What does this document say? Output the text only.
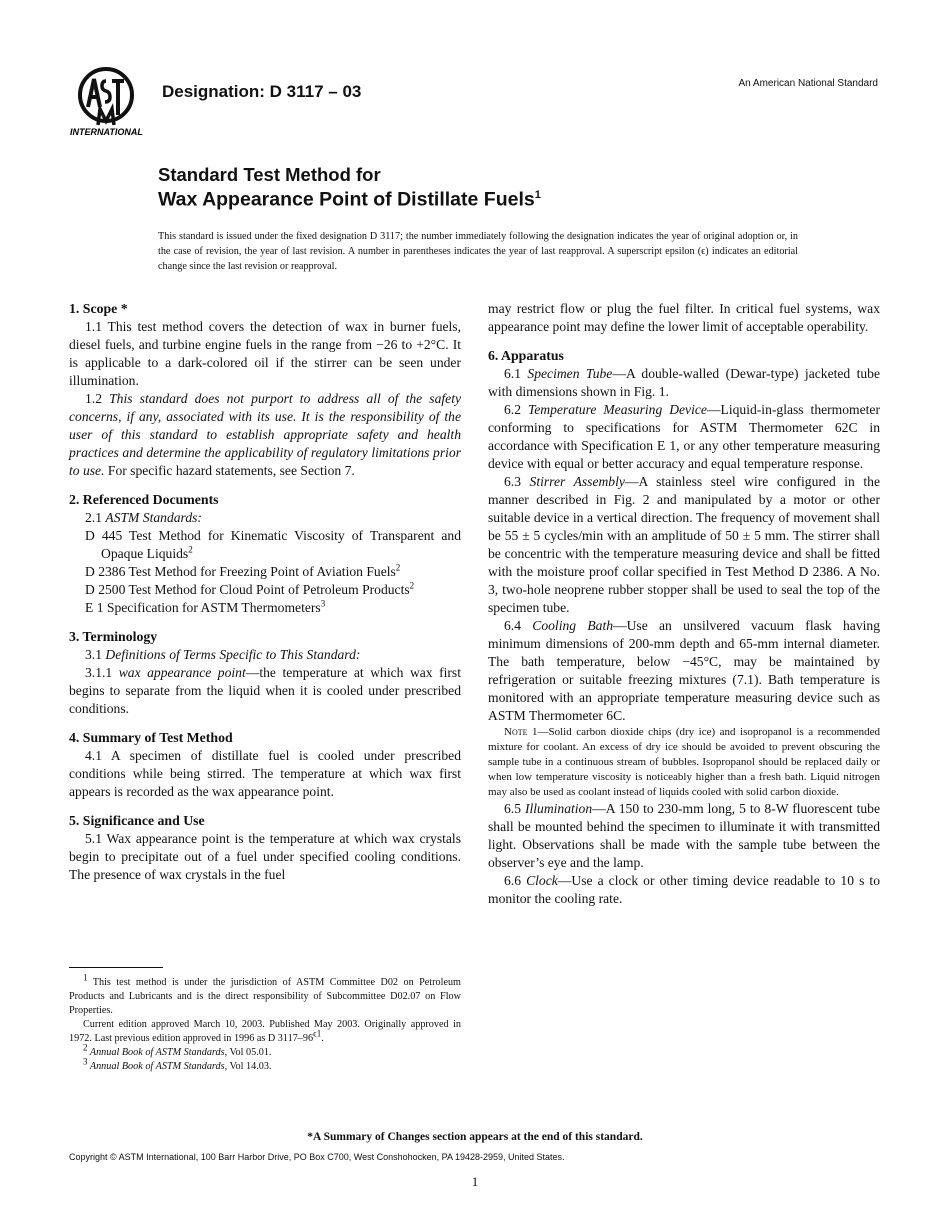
INTERNATIONAL
Designation: D 3117 – 03	An American National Standard
Standard Test Method for
Wax Appearance Point of Distillate Fuels$^1$
This standard is issued under the fixed designation D 3117; the number immediately following the designation indicates the year of original adoption or, in the case of revision, the year of last revision. A number in parentheses indicates the year of last reapproval. A superscript epsilon (ϵ) indicates an editorial change since the last revision or reapproval.
1. Scope *

1.1 This test method covers the detection of wax in burner fuels, diesel fuels, and turbine engine fuels in the range from −26 to +2°C. It is applicable to a dark-colored oil if the stirrer can be seen under illumination.

1.2 This standard does not purport to address all of the safety concerns, if any, associated with its use. It is the responsibility of the user of this standard to establish appropriate safety and health practices and determine the applicability of regulatory limitations prior to use. For specific hazard statements, see Section 7.

2. Referenced Documents

2.1 ASTM Standards:

D 445 Test Method for Kinematic Viscosity of Transparent and Opaque Liquids$^2$

D 2386 Test Method for Freezing Point of Aviation Fuels$^2$

D 2500 Test Method for Cloud Point of Petroleum Products$^2$

E 1 Specification for ASTM Thermometers$^3$

3. Terminology

3.1 Definitions of Terms Specific to This Standard:

3.1.1 wax appearance point—the temperature at which wax first begins to separate from the liquid when it is cooled under prescribed conditions.

4. Summary of Test Method

4.1 A specimen of distillate fuel is cooled under prescribed conditions while being stirred. The temperature at which wax first appears is recorded as the wax appearance point.

5. Significance and Use

5.1 Wax appearance point is the temperature at which wax crystals begin to precipitate out of a fuel under specified cooling conditions. The presence of wax crystals in the fuel

may restrict flow or plug the fuel filter. In critical fuel systems, wax appearance point may define the lower limit of acceptable operability.

6. Apparatus

6.1 Specimen Tube—A double-walled (Dewar-type) jacketed tube with dimensions shown in Fig. 1.

6.2 Temperature Measuring Device—Liquid-in-glass thermometer conforming to specifications for ASTM Thermometer 62C in accordance with Specification E 1, or any other temperature measuring device with equal or better accuracy and equal temperature response.

6.3 Stirrer Assembly—A stainless steel wire configured in the manner described in Fig. 2 and manipulated by a motor or other suitable device in a vertical direction. The frequency of movement shall be 55 ± 5 cycles/min with an amplitude of 50 ± 5 mm. The stirrer shall be concentric with the temperature measuring device and shall be fitted with the moisture proof collar specified in Test Method D 2386. A No. 3, two-hole neoprene rubber stopper shall be used to seal the top of the specimen tube.

6.4 Cooling Bath—Use an unsilvered vacuum flask having minimum dimensions of 200-mm depth and 65-mm internal diameter. The bath temperature, below −45°C, may be maintained by refrigeration or suitable freezing mixtures (7.1). Bath temperature is monitored with an appropriate temperature measuring device such as ASTM Thermometer 6C.

Note 1—Solid carbon dioxide chips (dry ice) and isopropanol is a recommended mixture for coolant. An excess of dry ice should be avoided to prevent obscuring the sample tube in a continuous stream of bubbles. Isopropanol should be replaced daily or when low temperature viscosity is noticeably higher than a fresh bath. Liquid nitrogen may also be used as coolant instead of liquids cooled with solid carbon dioxide.

6.5 Illumination—A 150 to 230-mm long, 5 to 8-W fluorescent tube shall be mounted behind the specimen to illuminate it with transmitted light. Observations shall be made with the sample tube between the observer’s eye and the lamp.

6.6 Clock—Use a clock or other timing device readable to 10 s to monitor the cooling rate.

$^1$ This test method is under the jurisdiction of ASTM Committee D02 on Petroleum Products and Lubricants and is the direct responsibility of Subcommittee D02.07 on Flow Properties.

Current edition approved March 10, 2003. Published May 2003. Originally approved in 1972. Last previous edition approved in 1996 as D $3117-96^{\epsilon 1}$.

$^2$ Annual Book of ASTM Standards, Vol 05.01.

$^3$ Annual Book of ASTM Standards, Vol 14.03.

*A Summary of Changes section appears at the end of this standard.
Copyright © ASTM International, 100 Barr Harbor Drive, PO Box C700, West Conshohocken, PA 19428-2959, United States.
1
